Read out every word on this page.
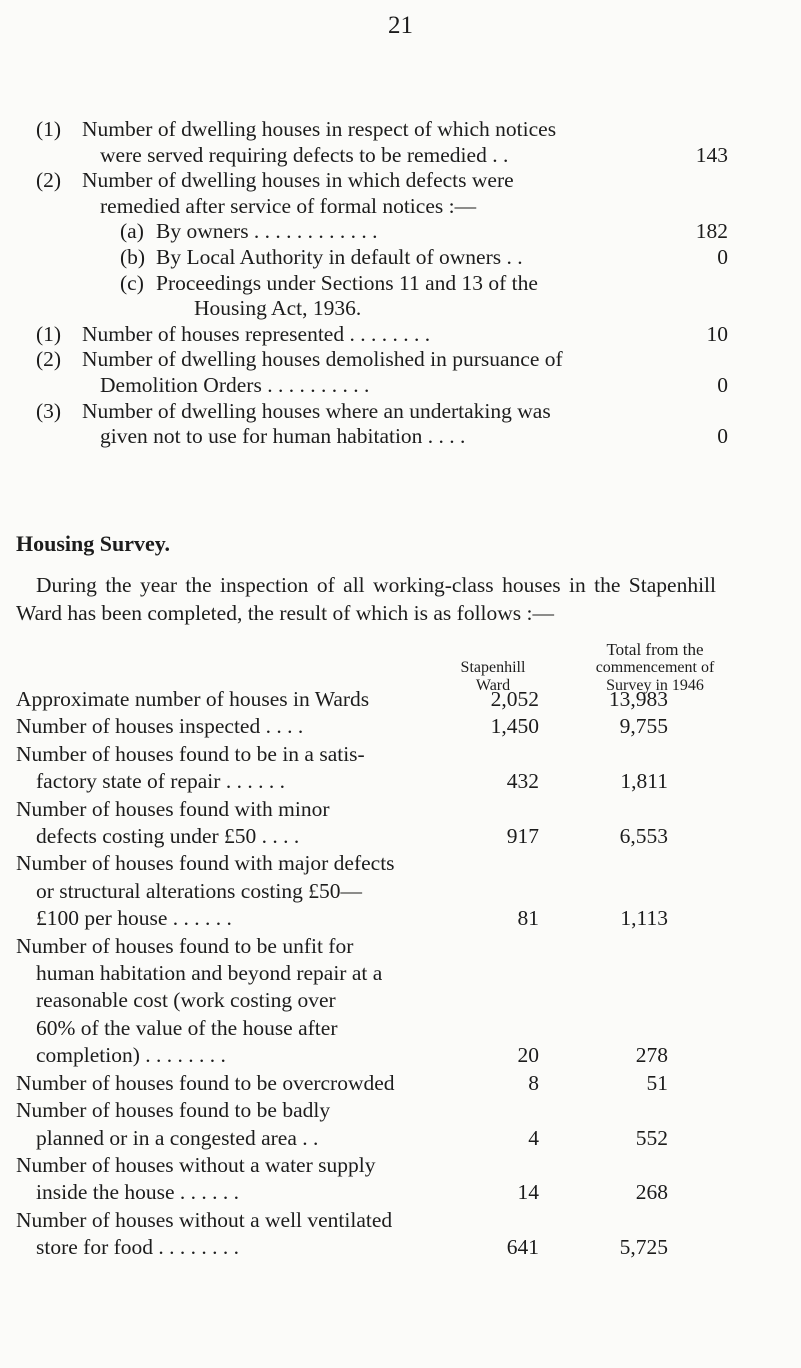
21
(1) Number of dwelling houses in respect of which notices
were served requiring defects to be remedied . .	143
(2) Number of dwelling houses in which defects were
remedied after service of formal notices :—
(a) By owners . . . . . . . . . . . .	182
(b) By Local Authority in default of owners . .	0
(c) Proceedings under Sections 11 and 13 of the
Housing Act, 1936.
(1) Number of houses represented . . . . . . . .	10
(2) Number of dwelling houses demolished in pursuance of
Demolition Orders . . . . . . . . . .	0
(3) Number of dwelling houses where an undertaking was
given not to use for human habitation . . . .	0
Housing Survey.
During the year the inspection of all working-class houses in the Stapenhill Ward has been completed, the result of which is as follows :—
Stapenhill
Ward
Total from the
commencement of
Survey in 1946
Approximate number of houses in Wards	2,052	13,983

Number of houses inspected . . . .	1,450	9,755

Number of houses found to be in a satis-
factory state of repair . . . . . .	432	1,811

Number of houses found with minor
defects costing under £50 . . . .	917	6,553

Number of houses found with major defects
or structural alterations costing £50—
£100 per house . . . . . .	81	1,113

Number of houses found to be unfit for
human habitation and beyond repair at a
reasonable cost (work costing over
60% of the value of the house after
completion) . . . . . . . .	20	278

Number of houses found to be overcrowded	8	51

Number of houses found to be badly
planned or in a congested area . .	4	552

Number of houses without a water supply
inside the house . . . . . .	14	268

Number of houses without a well ventilated
store for food . . . . . . . .	641	5,725
